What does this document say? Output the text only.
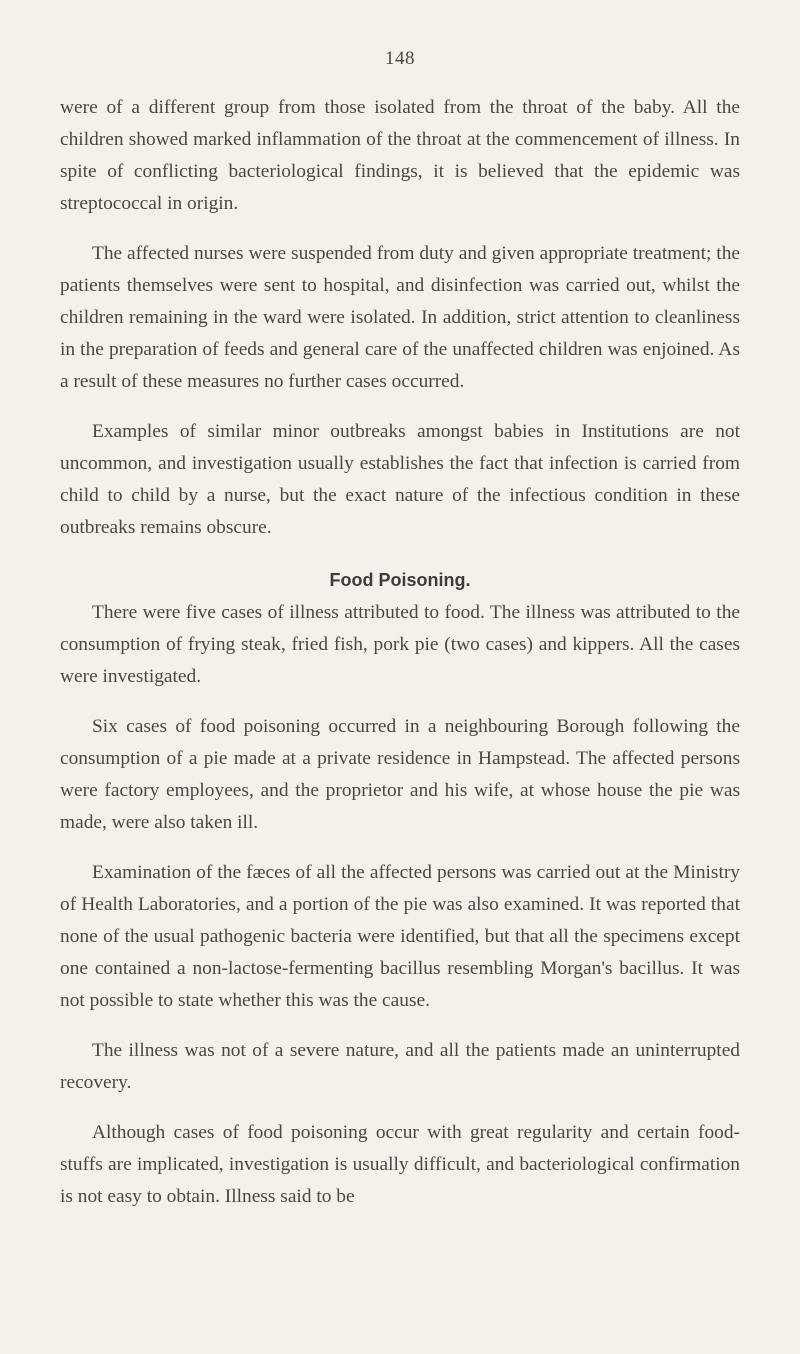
148

were of a different group from those isolated from the throat of the baby. All the children showed marked inflammation of the throat at the commencement of illness. In spite of conflicting bacteriological findings, it is believed that the epidemic was streptococcal in origin.

The affected nurses were suspended from duty and given appropriate treatment; the patients themselves were sent to hospital, and disinfection was carried out, whilst the children remaining in the ward were isolated. In addition, strict attention to cleanliness in the preparation of feeds and general care of the unaffected children was enjoined. As a result of these measures no further cases occurred.

Examples of similar minor outbreaks amongst babies in Institutions are not uncommon, and investigation usually establishes the fact that infection is carried from child to child by a nurse, but the exact nature of the infectious condition in these outbreaks remains obscure.

Food Poisoning.

There were five cases of illness attributed to food. The illness was attributed to the consumption of frying steak, fried fish, pork pie (two cases) and kippers. All the cases were investigated.

Six cases of food poisoning occurred in a neighbouring Borough following the consumption of a pie made at a private residence in Hampstead. The affected persons were factory employees, and the proprietor and his wife, at whose house the pie was made, were also taken ill.

Examination of the fæces of all the affected persons was carried out at the Ministry of Health Laboratories, and a portion of the pie was also examined. It was reported that none of the usual pathogenic bacteria were identified, but that all the specimens except one contained a non-lactose-fermenting bacillus resembling Morgan's bacillus. It was not possible to state whether this was the cause.

The illness was not of a severe nature, and all the patients made an uninterrupted recovery.

Although cases of food poisoning occur with great regularity and certain food-stuffs are implicated, investigation is usually difficult, and bacteriological confirmation is not easy to obtain. Illness said to be
